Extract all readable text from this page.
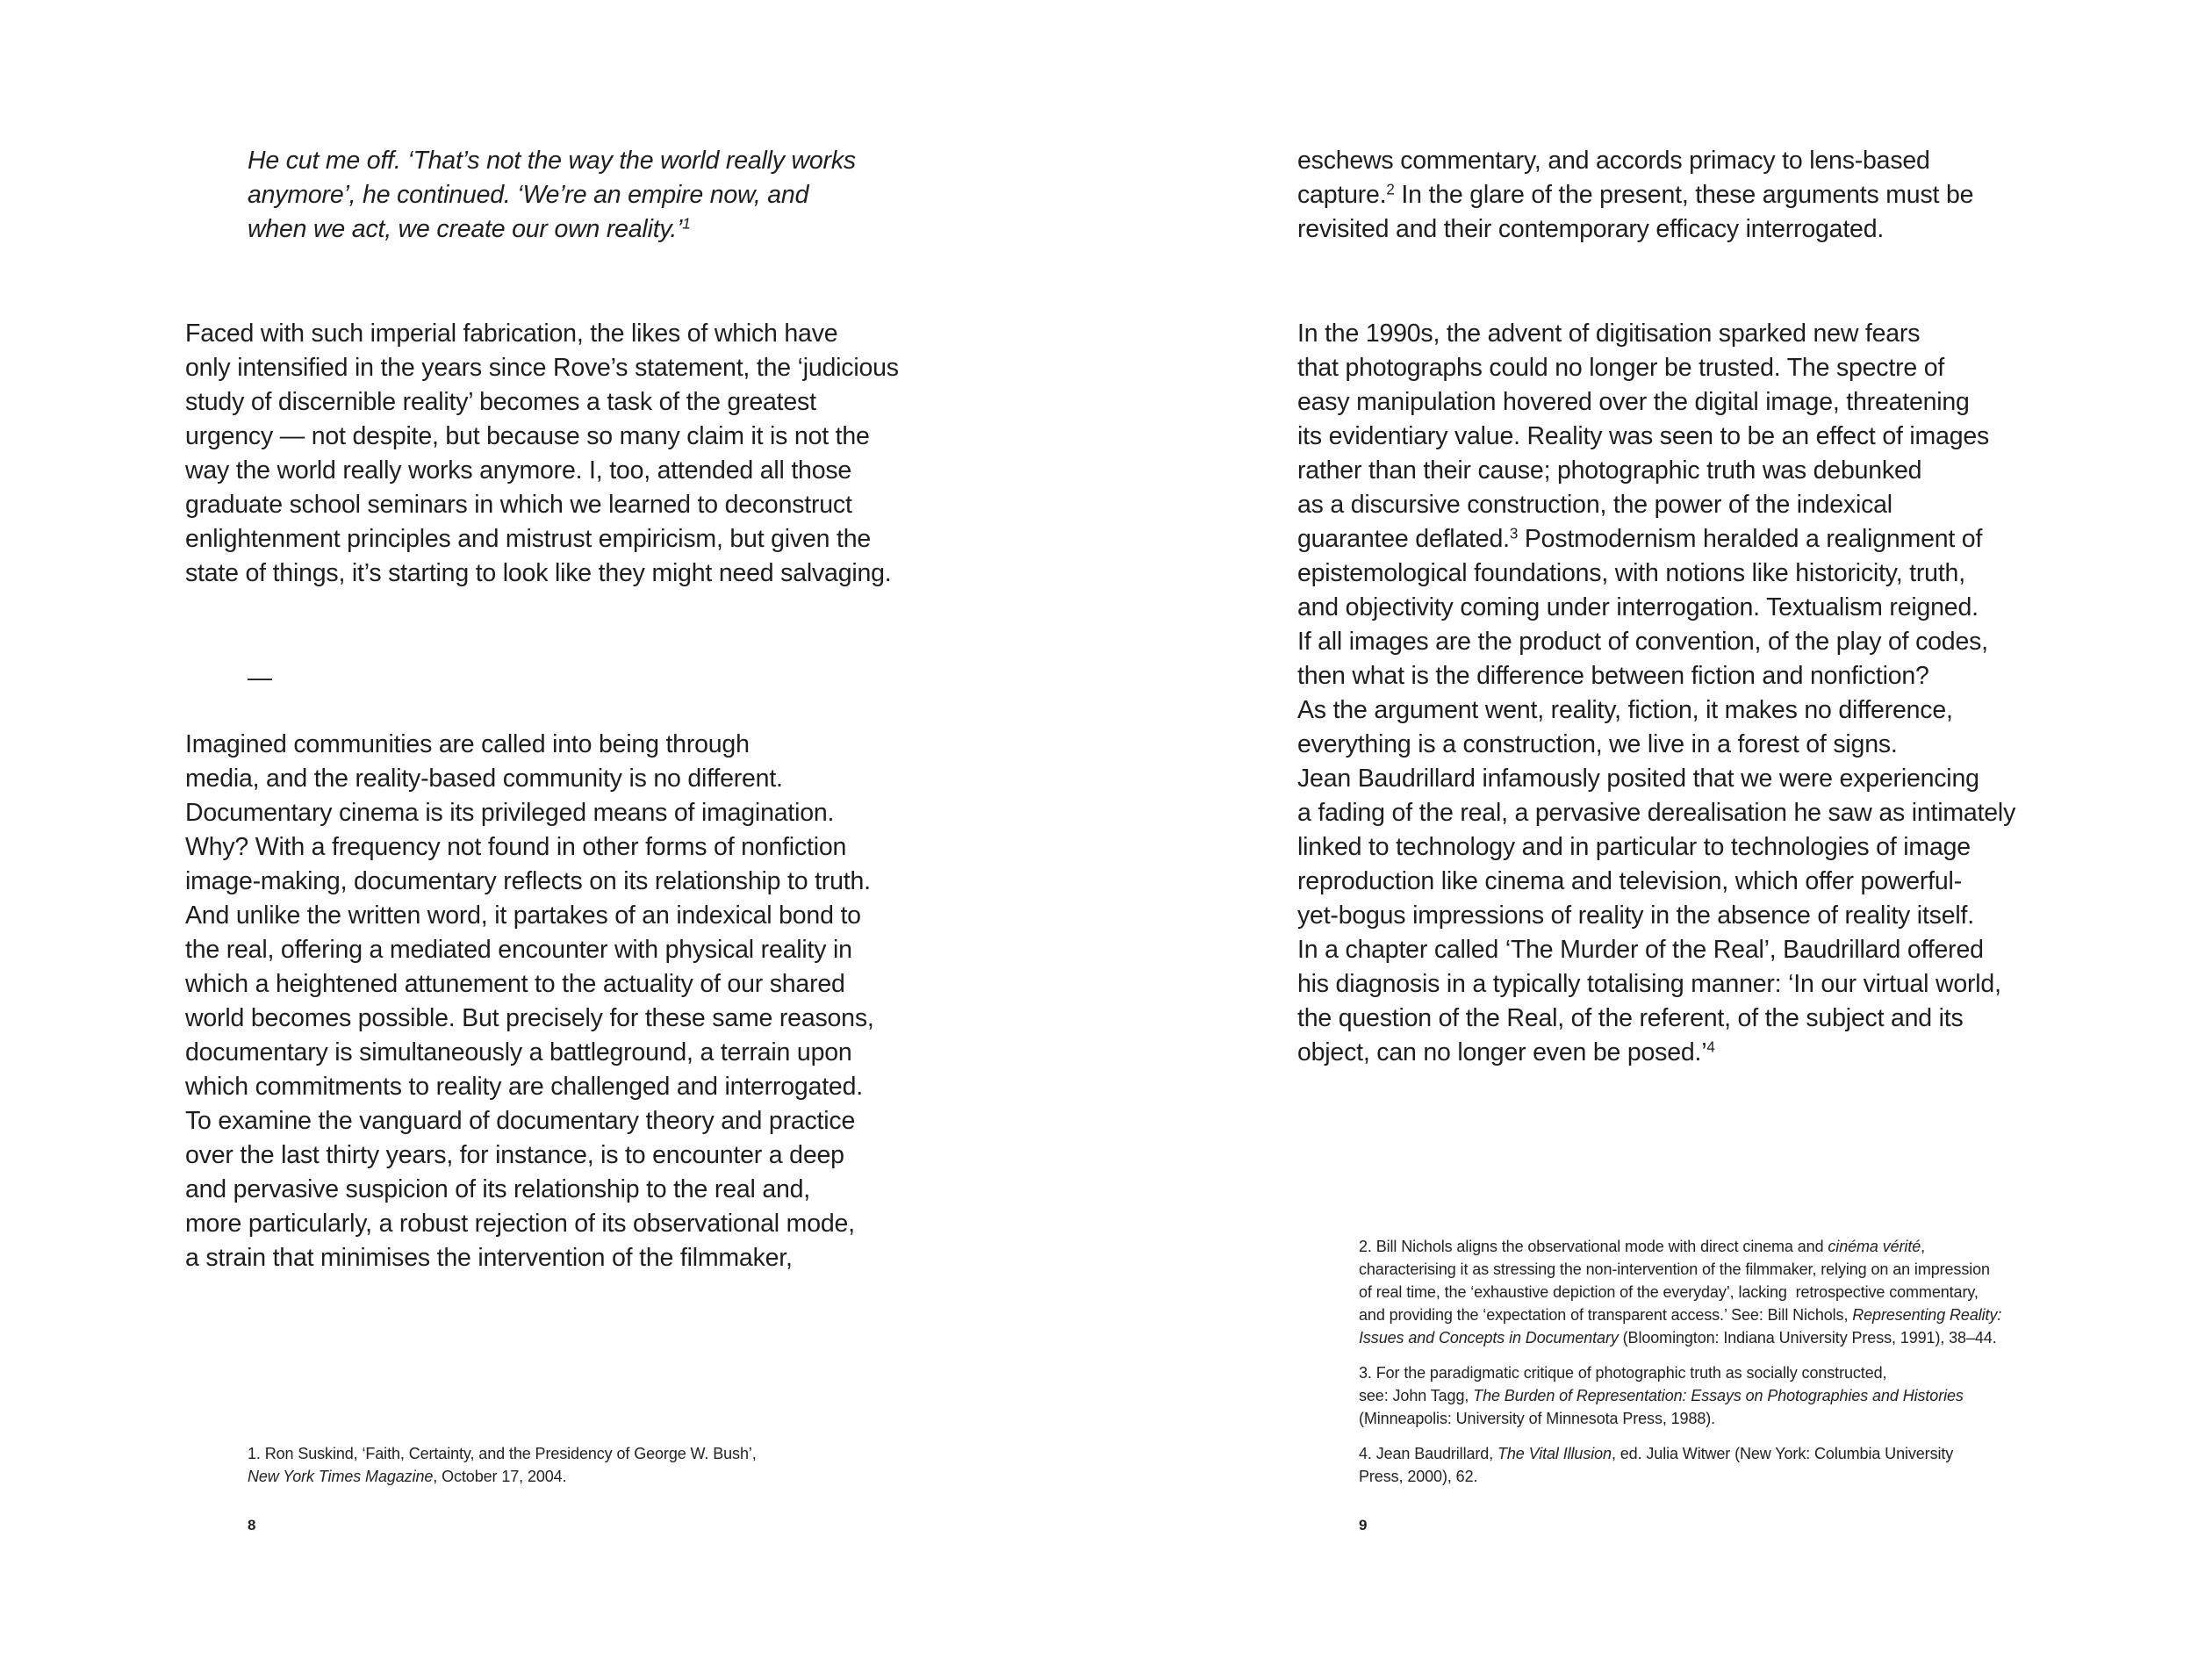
He cut me off. ‘That’s not the way the world really works
anymore’, he continued. ‘We’re an empire now, and
when we act, we create our own reality.’$^1$
Faced with such imperial fabrication, the likes of which have
only intensified in the years since Rove’s statement, the ‘judicious
study of discernible reality’ becomes a task of the greatest
urgency — not despite, but because so many claim it is not the
way the world really works anymore. I, too, attended all those
graduate school seminars in which we learned to deconstruct
enlightenment principles and mistrust empiricism, but given the
state of things, it’s starting to look like they might need salvaging.
—
Imagined communities are called into being through
media, and the reality-based community is no different.
Documentary cinema is its privileged means of imagination.
Why? With a frequency not found in other forms of nonfiction
image-making, documentary reflects on its relationship to truth.
And unlike the written word, it partakes of an indexical bond to
the real, offering a mediated encounter with physical reality in
which a heightened attunement to the actuality of our shared
world becomes possible. But precisely for these same reasons,
documentary is simultaneously a battleground, a terrain upon
which commitments to reality are challenged and interrogated.
To examine the vanguard of documentary theory and practice
over the last thirty years, for instance, is to encounter a deep
and pervasive suspicion of its relationship to the real and,
more particularly, a robust rejection of its observational mode,
a strain that minimises the intervention of the filmmaker,
1. Ron Suskind, ‘Faith, Certainty, and the Presidency of George W. Bush’,
New York Times Magazine, October 17, 2004.
8
eschews commentary, and accords primacy to lens-based
capture.$^2$ In the glare of the present, these arguments must be
revisited and their contemporary efficacy interrogated.
In the 1990s, the advent of digitisation sparked new fears
that photographs could no longer be trusted. The spectre of
easy manipulation hovered over the digital image, threatening
its evidentiary value. Reality was seen to be an effect of images
rather than their cause; photographic truth was debunked
as a discursive construction, the power of the indexical
guarantee deflated.$^3$ Postmodernism heralded a realignment of
epistemological foundations, with notions like historicity, truth,
and objectivity coming under interrogation. Textualism reigned.
If all images are the product of convention, of the play of codes,
then what is the difference between fiction and nonfiction?
As the argument went, reality, fiction, it makes no difference,
everything is a construction, we live in a forest of signs.
Jean Baudrillard infamously posited that we were experiencing
a fading of the real, a pervasive derealisation he saw as intimately
linked to technology and in particular to technologies of image
reproduction like cinema and television, which offer powerful-
yet-bogus impressions of reality in the absence of reality itself.
In a chapter called ‘The Murder of the Real’, Baudrillard offered
his diagnosis in a typically totalising manner: ‘In our virtual world,
the question of the Real, of the referent, of the subject and its
object, can no longer even be posed.’$^4$
2. Bill Nichols aligns the observational mode with direct cinema and cinéma vérité,
characterising it as stressing the non-intervention of the filmmaker, relying on an impression
of real time, the ‘exhaustive depiction of the everyday’, lacking  retrospective commentary,
and providing the ‘expectation of transparent access.’ See: Bill Nichols, Representing Reality:
Issues and Concepts in Documentary (Bloomington: Indiana University Press, 1991), 38–44.
3. For the paradigmatic critique of photographic truth as socially constructed,
see: John Tagg, The Burden of Representation: Essays on Photographies and Histories
(Minneapolis: University of Minnesota Press, 1988).
4. Jean Baudrillard, The Vital Illusion, ed. Julia Witwer (New York: Columbia University
Press, 2000), 62.
9
